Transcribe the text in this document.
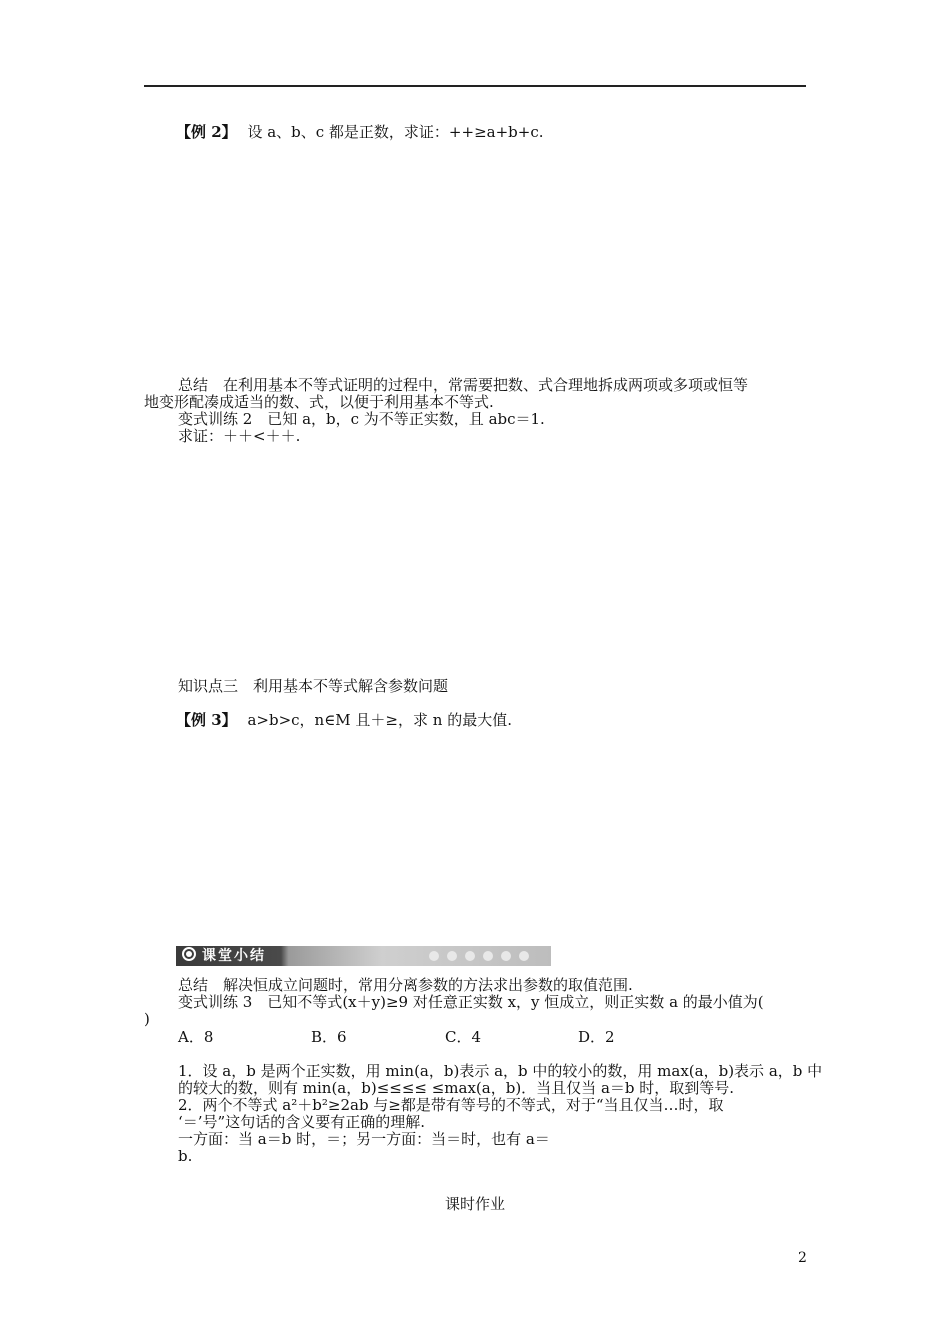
【例 2】 设 a、b、c 都是正数，求证：++≥a+b+c.
总结　在利用基本不等式证明的过程中，常需要把数、式合理地拆成两项或多项或恒等
地变形配凑成适当的数、式，以便于利用基本不等式.
变式训练 2　已知 a，b，c 为不等正实数，且 abc＝1.
求证：＋＋<＋＋.
知识点三　利用基本不等式解含参数问题
【例 3】 a>b>c，n∈M 且＋≥，求 n 的最大值.
课堂小结
总结　解决恒成立问题时，常用分离参数的方法求出参数的取值范围.
变式训练 3　已知不等式(x＋y)≥9 对任意正实数 x，y 恒成立，则正实数 a 的最小值为(
)
A．8	B．6	C．4	D．2
1．设 a，b 是两个正实数，用 min(a，b)表示 a，b 中的较小的数，用 max(a，b)表示 a，b 中
的较大的数，则有 min(a，b)≤≤≤≤ ≤max(a，b)．当且仅当 a＝b 时，取到等号.
2．两个不等式 a²＋b²≥2ab 与≥都是带有等号的不等式，对于“当且仅当…时，取
‘＝’号”这句话的含义要有正确的理解.
一方面：当 a＝b 时，＝；另一方面：当＝时，也有 a＝
b.
课时作业
2
